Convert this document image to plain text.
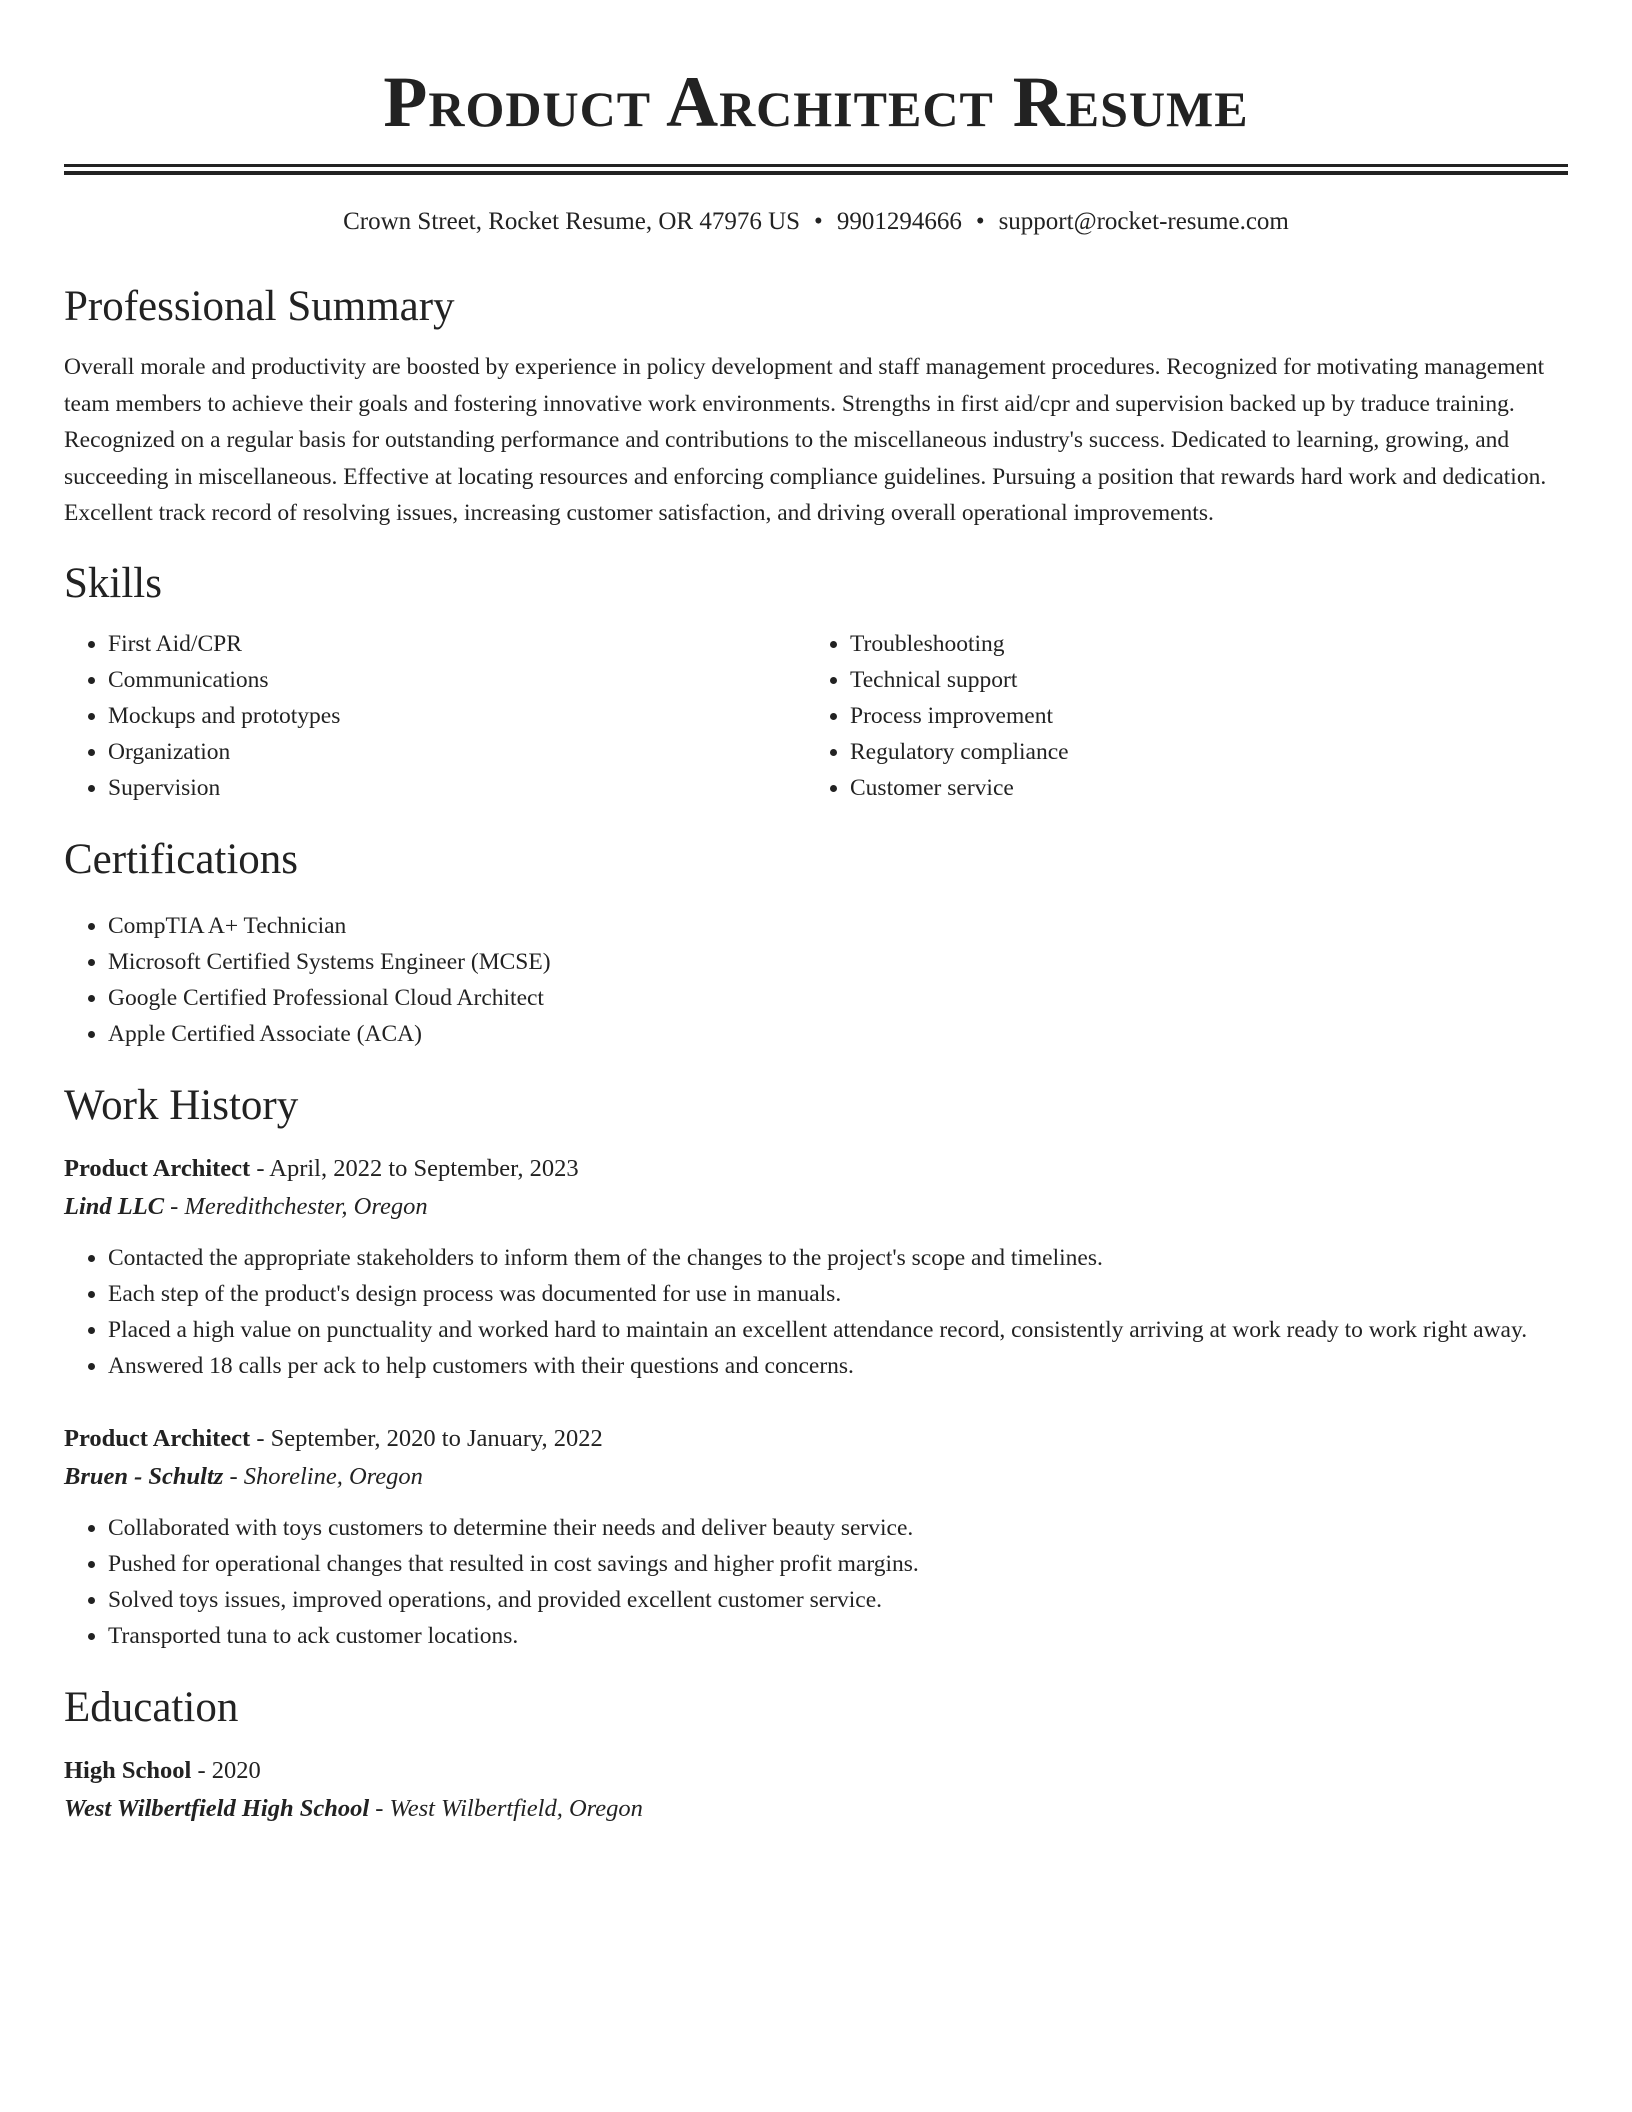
Product Architect Resume
Crown Street, Rocket Resume, OR 47976 US • 9901294666 • support@rocket-resume.com
Professional Summary

Overall morale and productivity are boosted by experience in policy development and staff management procedures. Recognized for motivating management team members to achieve their goals and fostering innovative work environments. Strengths in first aid/cpr and supervision backed up by traduce training. Recognized on a regular basis for outstanding performance and contributions to the miscellaneous industry's success. Dedicated to learning, growing, and succeeding in miscellaneous. Effective at locating resources and enforcing compliance guidelines. Pursuing a position that rewards hard work and dedication. Excellent track record of resolving issues, increasing customer satisfaction, and driving overall operational improvements.

Skills
• First Aid/CPR
• Communications
• Mockups and prototypes
• Organization
• Supervision
• Troubleshooting
• Technical support
• Process improvement
• Regulatory compliance
• Customer service
Certifications
• CompTIA A+ Technician
• Microsoft Certified Systems Engineer (MCSE)
• Google Certified Professional Cloud Architect
• Apple Certified Associate (ACA)
Work History
Product Architect - April, 2022 to September, 2023
Lind LLC - Meredithchester, Oregon
• Contacted the appropriate stakeholders to inform them of the changes to the project's scope and timelines.
• Each step of the product's design process was documented for use in manuals.
• Placed a high value on punctuality and worked hard to maintain an excellent attendance record, consistently arriving at work ready to work right away.
• Answered 18 calls per ack to help customers with their questions and concerns.
Product Architect - September, 2020 to January, 2022
Bruen - Schultz - Shoreline, Oregon
• Collaborated with toys customers to determine their needs and deliver beauty service.
• Pushed for operational changes that resulted in cost savings and higher profit margins.
• Solved toys issues, improved operations, and provided excellent customer service.
• Transported tuna to ack customer locations.
Education
High School - 2020
West Wilbertfield High School - West Wilbertfield, Oregon
